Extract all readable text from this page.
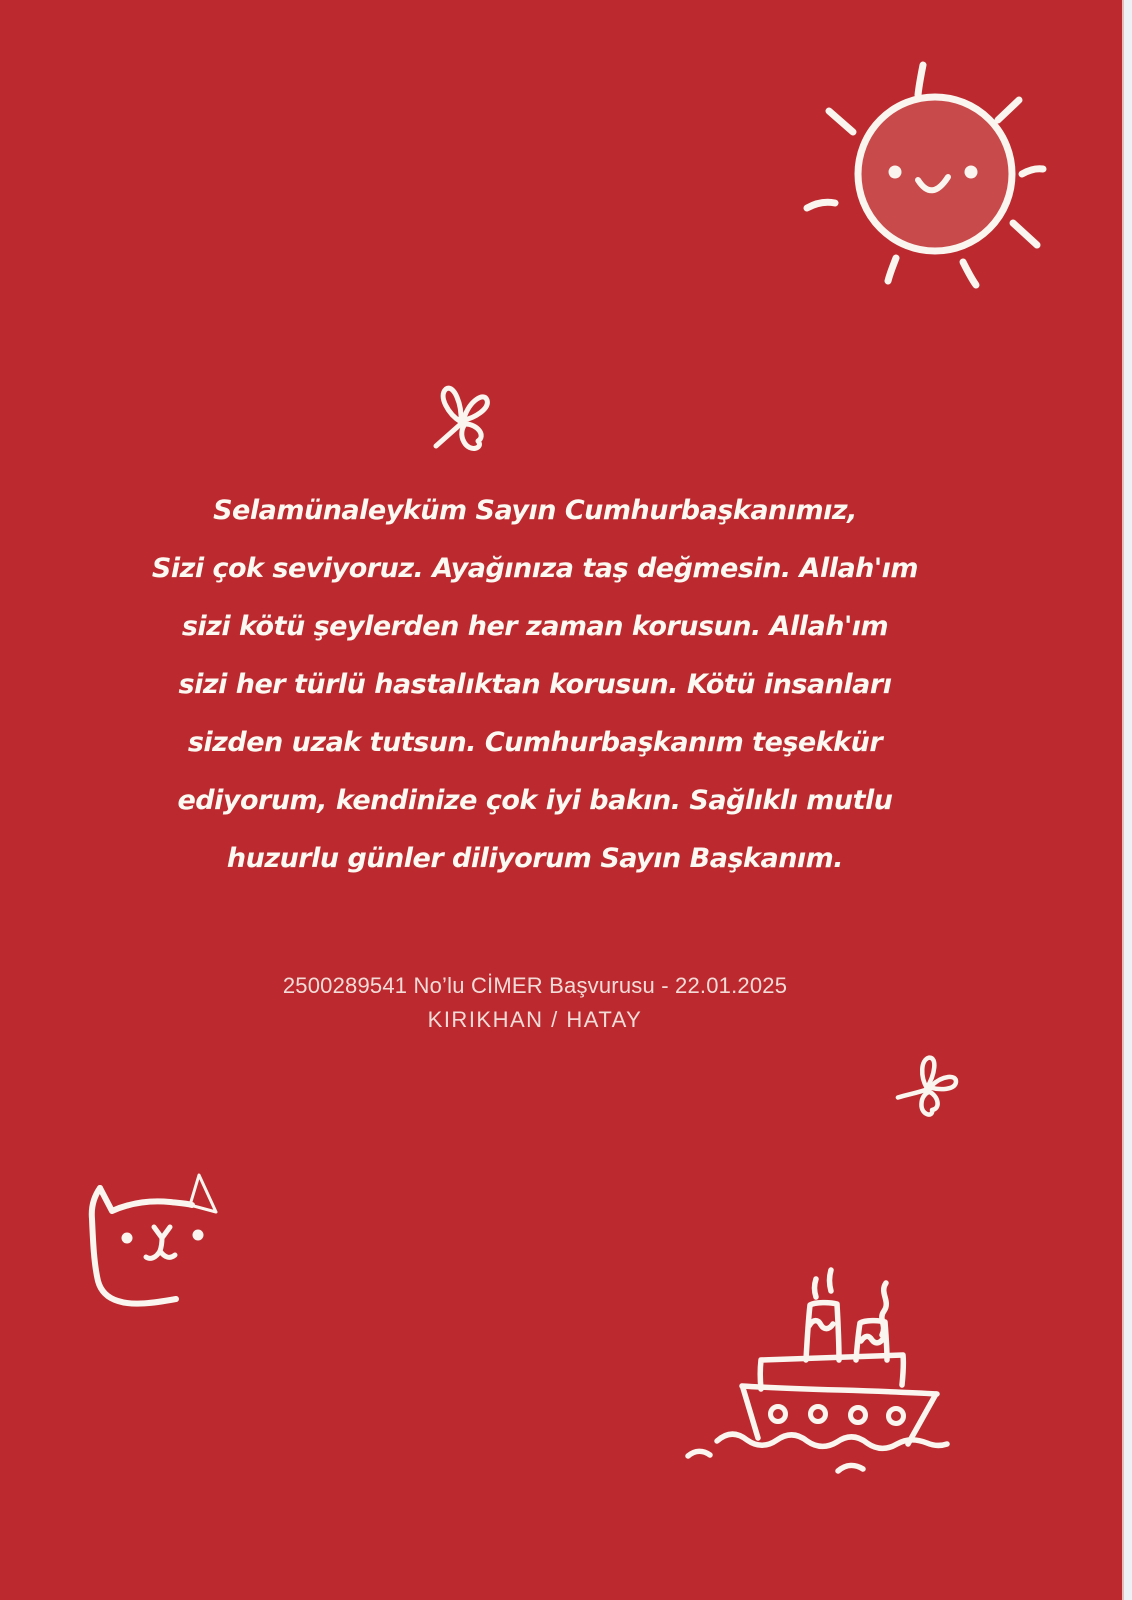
Selamünaleyküm Sayın Cumhurbaşkanımız,
Sizi çok seviyoruz. Ayağınıza taş değmesin. Allah'ım
sizi kötü şeylerden her zaman korusun. Allah'ım
sizi her türlü hastalıktan korusun. Kötü insanları
sizden uzak tutsun. Cumhurbaşkanım teşekkür
ediyorum, kendinize çok iyi bakın. Sağlıklı mutlu
huzurlu günler diliyorum Sayın Başkanım.
2500289541 No’lu CİMER Başvurusu - 22.01.2025
KIRIKHAN / HATAY
